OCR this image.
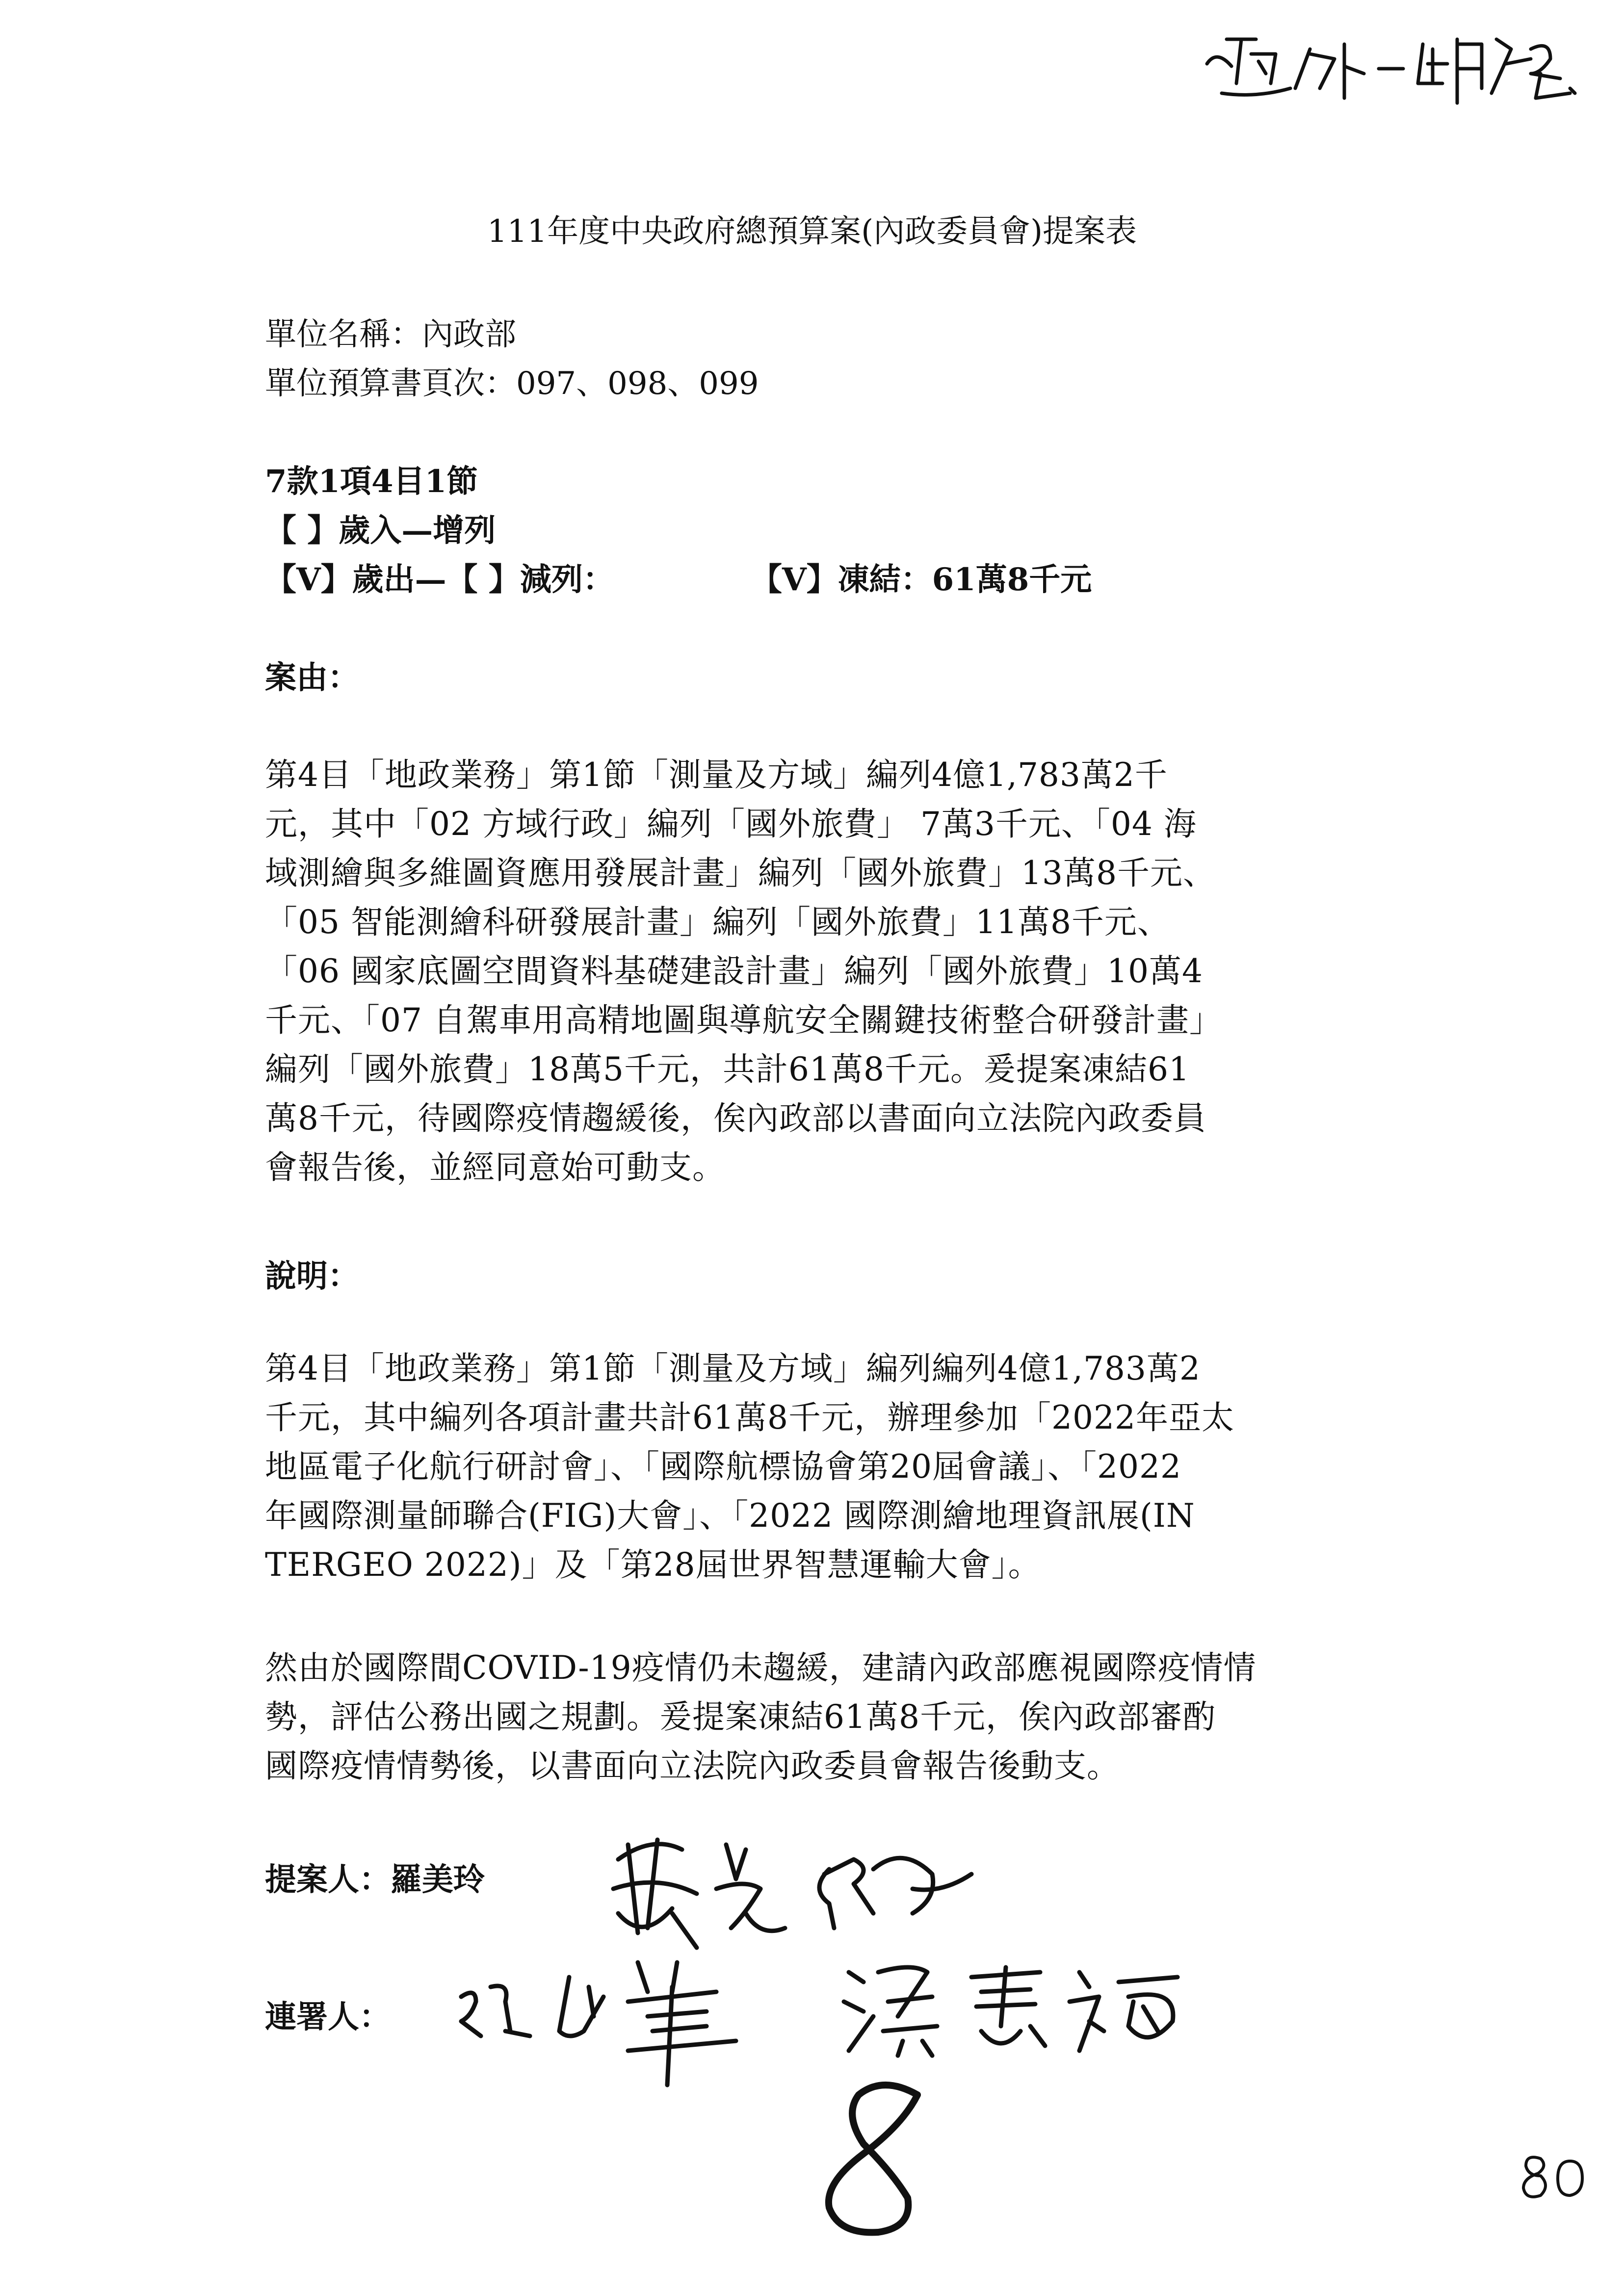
111年度中央政府總預算案(內政委員會)提案表
單位名稱：內政部
單位預算書頁次：097、098、099
7款1項4目1節
【 】歲入—增列
【V】歲出—【 】減列：	【V】凍結：61萬8千元
案由：
第4目「地政業務」第1節「測量及方域」編列4億1,783萬2千
元，其中「02 方域行政」編列「國外旅費」 7萬3千元、「04 海
域測繪與多維圖資應用發展計畫」編列「國外旅費」13萬8千元、
「05 智能測繪科研發展計畫」編列「國外旅費」11萬8千元、
「06 國家底圖空間資料基礎建設計畫」編列「國外旅費」10萬4
千元、「07 自駕車用高精地圖與導航安全關鍵技術整合研發計畫」
編列「國外旅費」18萬5千元，共計61萬8千元。爰提案凍結61
萬8千元，待國際疫情趨緩後，俟內政部以書面向立法院內政委員
會報告後，並經同意始可動支。
說明：
第4目「地政業務」第1節「測量及方域」編列編列4億1,783萬2
千元，其中編列各項計畫共計61萬8千元，辦理參加「2022年亞太
地區電子化航行研討會」、「國際航標協會第20屆會議」、「2022
年國際測量師聯合(FIG)大會」、「2022 國際測繪地理資訊展(IN
TERGEO 2022)」及「第28屆世界智慧運輸大會」。
然由於國際間COVID-19疫情仍未趨緩，建請內政部應視國際疫情情
勢，評估公務出國之規劃。爰提案凍結61萬8千元，俟內政部審酌
國際疫情情勢後，以書面向立法院內政委員會報告後動支。
提案人：羅美玲
連署人：
